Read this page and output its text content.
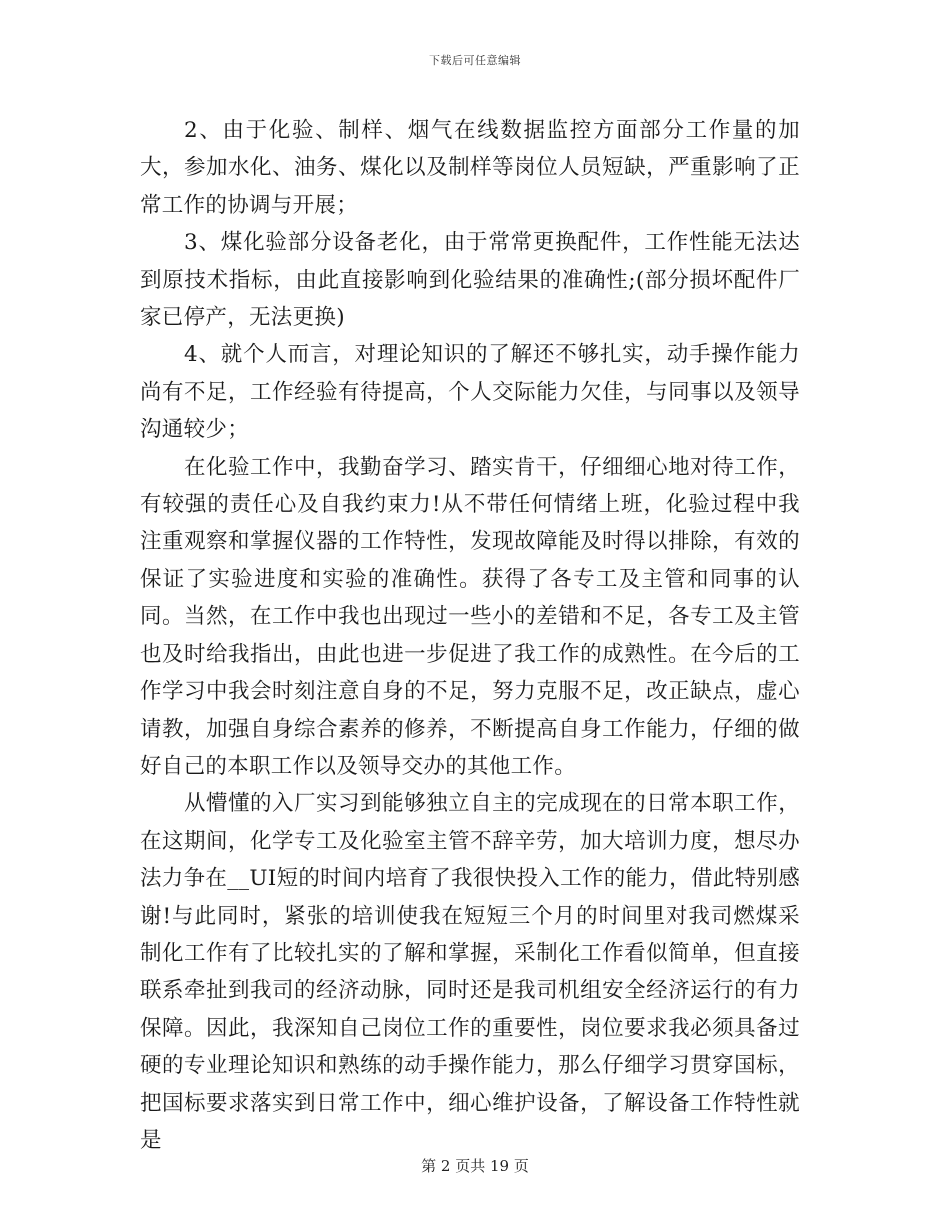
下载后可任意编辑

2、由于化验、制样、烟气在线数据监控方面部分工作量的加大，参加水化、油务、煤化以及制样等岗位人员短缺，严重影响了正常工作的协调与开展；

3、煤化验部分设备老化，由于常常更换配件，工作性能无法达到原技术指标，由此直接影响到化验结果的准确性;(部分损坏配件厂家已停产，无法更换)

4、就个人而言，对理论知识的了解还不够扎实，动手操作能力尚有不足，工作经验有待提高，个人交际能力欠佳，与同事以及领导沟通较少；

在化验工作中，我勤奋学习、踏实肯干，仔细细心地对待工作，有较强的责任心及自我约束力!从不带任何情绪上班，化验过程中我注重观察和掌握仪器的工作特性，发现故障能及时得以排除，有效的保证了实验进度和实验的准确性。获得了各专工及主管和同事的认同。当然，在工作中我也出现过一些小的差错和不足，各专工及主管也及时给我指出，由此也进一步促进了我工作的成熟性。在今后的工作学习中我会时刻注意自身的不足，努力克服不足，改正缺点，虚心请教，加强自身综合素养的修养，不断提高自身工作能力，仔细的做好自己的本职工作以及领导交办的其他工作。

从懵懂的入厂实习到能够独立自主的完成现在的日常本职工作，在这期间，化学专工及化验室主管不辞辛劳，加大培训力度，想尽办法力争在__UI短的时间内培育了我很快投入工作的能力，借此特别感谢!与此同时，紧张的培训使我在短短三个月的时间里对我司燃煤采制化工作有了比较扎实的了解和掌握，采制化工作看似简单，但直接联系牵扯到我司的经济动脉，同时还是我司机组安全经济运行的有力保障。因此，我深知自己岗位工作的重要性，岗位要求我必须具备过硬的专业理论知识和熟练的动手操作能力，那么仔细学习贯穿国标，把国标要求落实到日常工作中，细心维护设备，了解设备工作特性就是

第 2 页共 19 页
